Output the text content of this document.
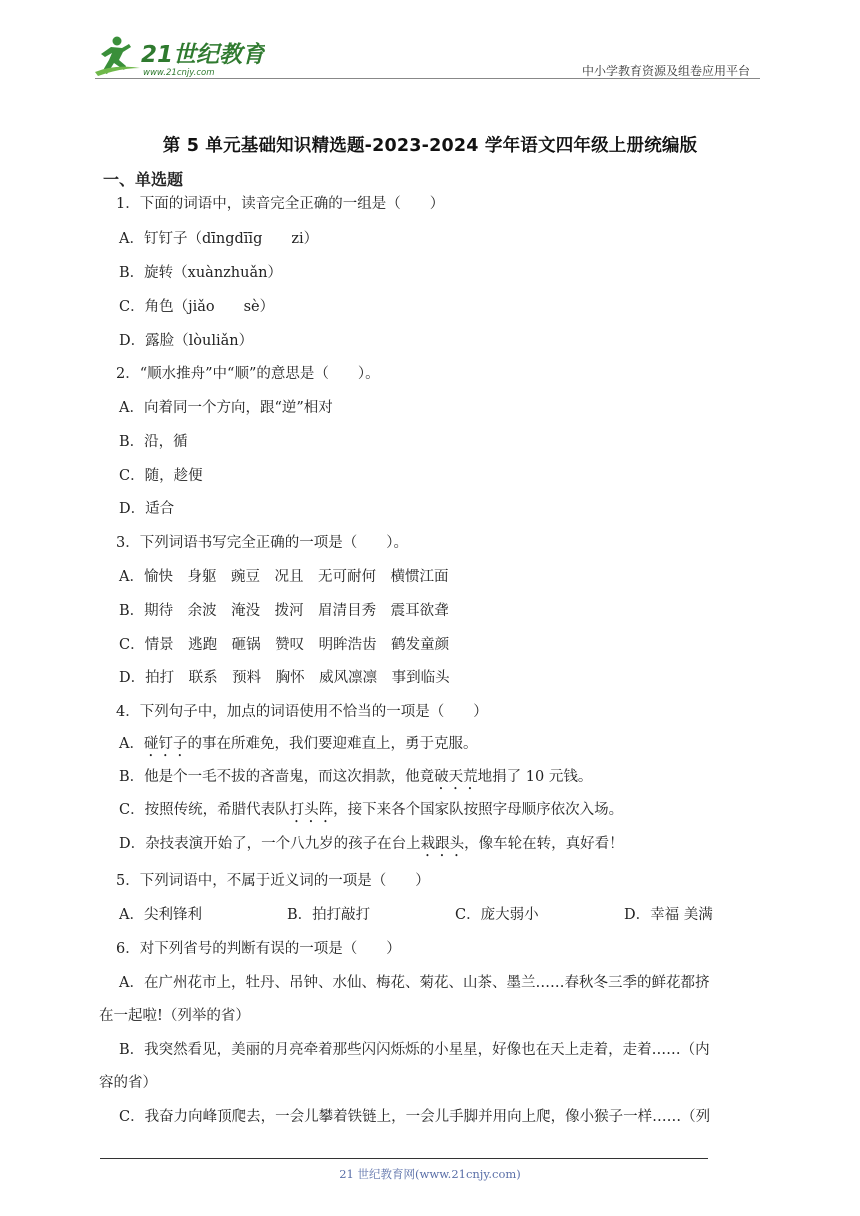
21世纪教育
www.21cnjy.com	中小学教育资源及组卷应用平台
第 5 单元基础知识精选题-2023-2024 学年语文四年级上册统编版
一、单选题
1．下面的词语中，读音完全正确的一组是（　　）
A．钉钉子（dīngdīīg　　zi）
B．旋转（xuànzhuǎn）
C．角色（jiǎo　　sè）
D．露脸（lòuliǎn）
2．“顺水推舟”中“顺”的意思是（　　）。
A．向着同一个方向，跟“逆”相对
B．沿，循
C．随，趁便
D．适合
3．下列词语书写完全正确的一项是（　　）。
A．愉快　身躯　豌豆　况且　无可耐何　横惯江面
B．期待　余波　淹没　拨河　眉清目秀　震耳欲聋
C．情景　逃跑　砸锅　赞叹　明眸浩齿　鹤发童颜
D．拍打　联系　预料　胸怀　威风凛凛　事到临头
4．下列句子中，加点的词语使用不恰当的一项是（　　）
A．碰钉子的事在所难免，我们要迎难直上，勇于克服。
B．他是个一毛不拔的吝啬鬼，而这次捐款，他竟破天荒地捐了 10 元钱。
C．按照传统，希腊代表队打头阵，接下来各个国家队按照字母顺序依次入场。
D．杂技表演开始了，一个八九岁的孩子在台上栽跟头，像车轮在转，真好看！
5．下列词语中，不属于近义词的一项是（　　）
A．尖利锋利	B．拍打敲打	C．庞大弱小	D．幸福 美满
6．对下列省号的判断有误的一项是（　　）
A．在广州花市上，牡丹、吊钟、水仙、梅花、菊花、山茶、墨兰……春秋冬三季的鲜花都挤
在一起啦!（列举的省）
B．我突然看见，美丽的月亮牵着那些闪闪烁烁的小星星，好像也在天上走着，走着……（内
容的省）
C．我奋力向峰顶爬去，一会儿攀着铁链上，一会儿手脚并用向上爬，像小猴子一样……（列
21 世纪教育网(www.21cnjy.com)
